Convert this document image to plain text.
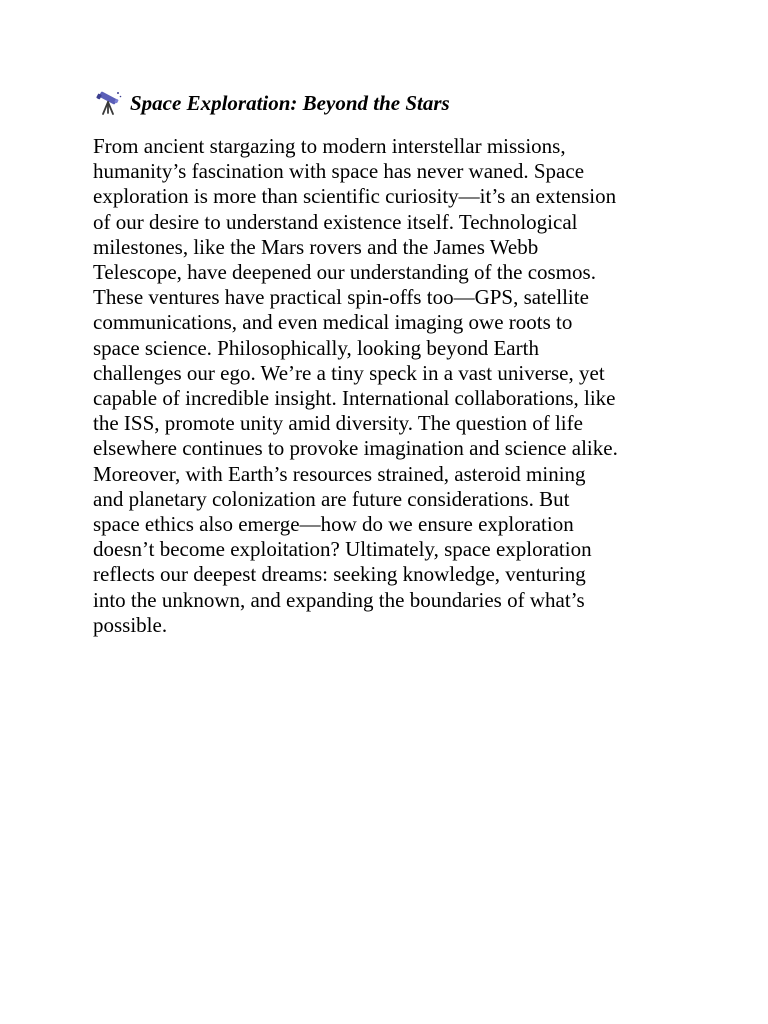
Space Exploration: Beyond the Stars
From ancient stargazing to modern interstellar missions,
humanity’s fascination with space has never waned. Space
exploration is more than scientific curiosity—it’s an extension
of our desire to understand existence itself. Technological
milestones, like the Mars rovers and the James Webb
Telescope, have deepened our understanding of the cosmos.
These ventures have practical spin-offs too—GPS, satellite
communications, and even medical imaging owe roots to
space science. Philosophically, looking beyond Earth
challenges our ego. We’re a tiny speck in a vast universe, yet
capable of incredible insight. International collaborations, like
the ISS, promote unity amid diversity. The question of life
elsewhere continues to provoke imagination and science alike.
Moreover, with Earth’s resources strained, asteroid mining
and planetary colonization are future considerations. But
space ethics also emerge—how do we ensure exploration
doesn’t become exploitation? Ultimately, space exploration
reflects our deepest dreams: seeking knowledge, venturing
into the unknown, and expanding the boundaries of what’s
possible.
